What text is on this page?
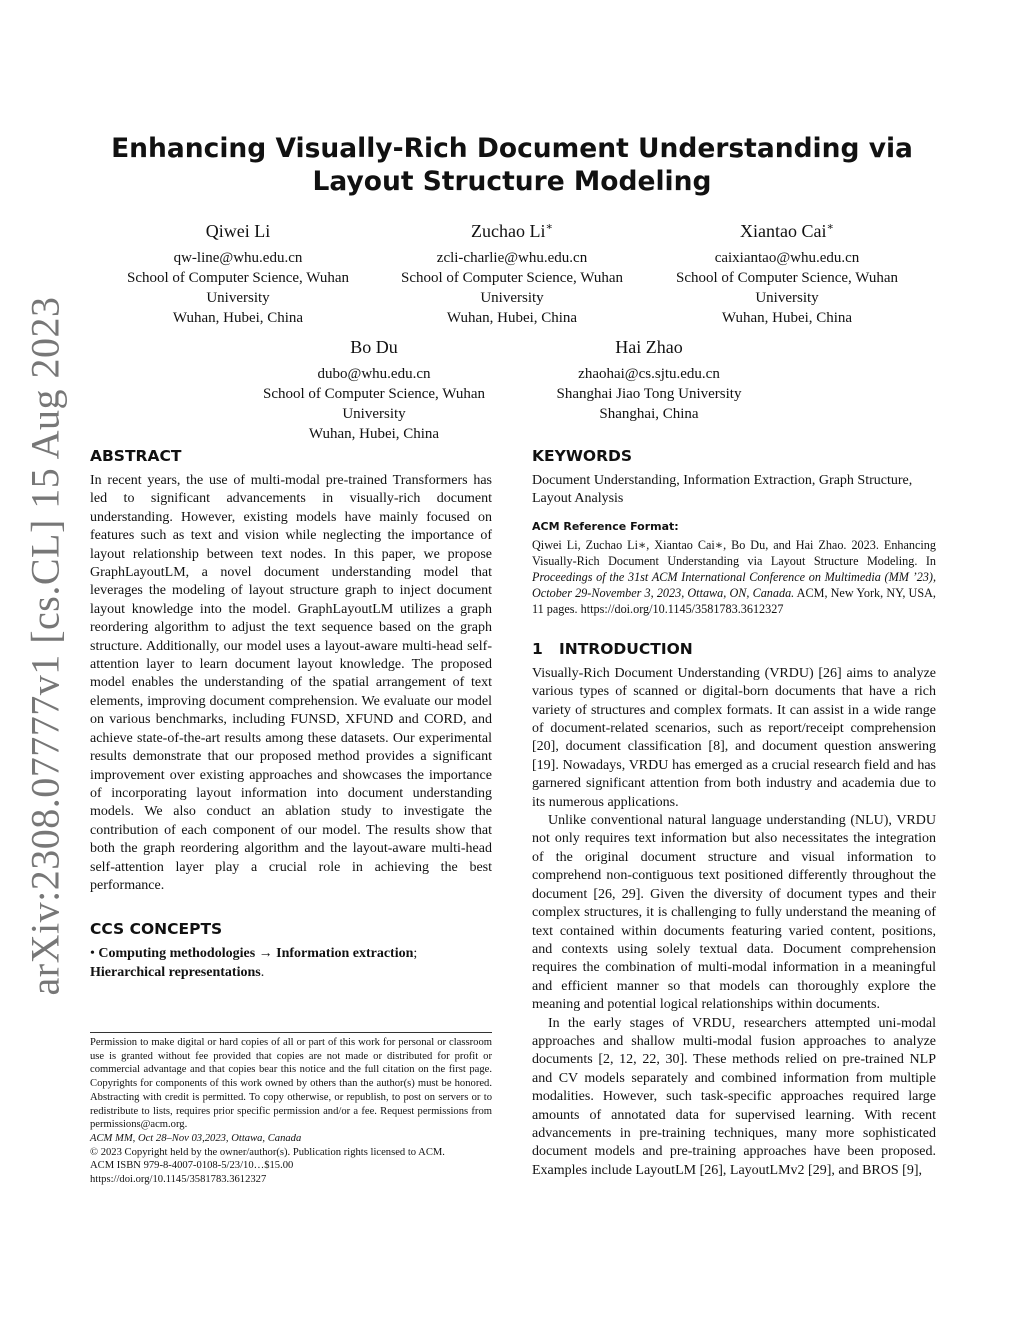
arXiv:2308.07777v1 [cs.CL] 15 Aug 2023
Enhancing Visually-Rich Document Understanding via Layout Structure Modeling
Qiwei Li
qw-line@whu.edu.cn
School of Computer Science, Wuhan
University
Wuhan, Hubei, China
Zuchao Li∗
zcli-charlie@whu.edu.cn
School of Computer Science, Wuhan
University
Wuhan, Hubei, China
Xiantao Cai∗
caixiantao@whu.edu.cn
School of Computer Science, Wuhan
University
Wuhan, Hubei, China
Bo Du
dubo@whu.edu.cn
School of Computer Science, Wuhan
University
Wuhan, Hubei, China
Hai Zhao
zhaohai@cs.sjtu.edu.cn
Shanghai Jiao Tong University
Shanghai, China
ABSTRACT

In recent years, the use of multi-modal pre-trained Transformers has led to significant advancements in visually-rich document understanding. However, existing models have mainly focused on features such as text and vision while neglecting the importance of layout relationship between text nodes. In this paper, we propose GraphLayoutLM, a novel document understanding model that leverages the modeling of layout structure graph to inject document layout knowledge into the model. GraphLayoutLM utilizes a graph reordering algorithm to adjust the text sequence based on the graph structure. Additionally, our model uses a layout-aware multi-head self-attention layer to learn document layout knowledge. The proposed model enables the understanding of the spatial arrangement of text elements, improving document comprehension. We evaluate our model on various benchmarks, including FUNSD, XFUND and CORD, and achieve state-of-the-art results among these datasets. Our experimental results demonstrate that our proposed method provides a significant improvement over existing approaches and showcases the importance of incorporating layout information into document understanding models. We also conduct an ablation study to investigate the contribution of each component of our model. The results show that both the graph reordering algorithm and the layout-aware multi-head self-attention layer play a crucial role in achieving the best performance.

CCS CONCEPTS

• Computing methodologies → Information extraction; Hierarchical representations.

Permission to make digital or hard copies of all or part of this work for personal or classroom use is granted without fee provided that copies are not made or distributed for profit or commercial advantage and that copies bear this notice and the full citation on the first page. Copyrights for components of this work owned by others than the author(s) must be honored. Abstracting with credit is permitted. To copy otherwise, or republish, to post on servers or to redistribute to lists, requires prior specific permission and/or a fee. Request permissions from permissions@acm.org.

ACM MM, Oct 28–Nov 03,2023, Ottawa, Canada

© 2023 Copyright held by the owner/author(s). Publication rights licensed to ACM.

ACM ISBN 979-8-4007-0108-5/23/10…$15.00

https://doi.org/10.1145/3581783.3612327

KEYWORDS

Document Understanding, Information Extraction, Graph Structure, Layout Analysis

ACM Reference Format:

Qiwei Li, Zuchao Li∗, Xiantao Cai∗, Bo Du, and Hai Zhao. 2023. Enhancing Visually-Rich Document Understanding via Layout Structure Modeling. In Proceedings of the 31st ACM International Conference on Multimedia (MM ’23), October 29-November 3, 2023, Ottawa, ON, Canada. ACM, New York, NY, USA, 11 pages. https://doi.org/10.1145/3581783.3612327

1 INTRODUCTION

Visually-Rich Document Understanding (VRDU) [26] aims to analyze various types of scanned or digital-born documents that have a rich variety of structures and complex formats. It can assist in a wide range of document-related scenarios, such as report/receipt comprehension [20], document classification [8], and document question answering [19]. Nowadays, VRDU has emerged as a crucial research field and has garnered significant attention from both industry and academia due to its numerous applications.

Unlike conventional natural language understanding (NLU), VRDU not only requires text information but also necessitates the integration of the original document structure and visual information to comprehend non-contiguous text positioned differently throughout the document [26, 29]. Given the diversity of document types and their complex structures, it is challenging to fully understand the meaning of text contained within documents featuring varied content, positions, and contexts using solely textual data. Document comprehension requires the combination of multi-modal information in a meaningful and efficient manner so that models can thoroughly explore the meaning and potential logical relationships within documents.

In the early stages of VRDU, researchers attempted uni-modal approaches and shallow multi-modal fusion approaches to analyze documents [2, 12, 22, 30]. These methods relied on pre-trained NLP and CV models separately and combined information from multiple modalities. However, such task-specific approaches required large amounts of annotated data for supervised learning. With recent advancements in pre-training techniques, many more sophisticated document models and pre-training approaches have been proposed. Examples include LayoutLM [26], LayoutLMv2 [29], and BROS [9],
